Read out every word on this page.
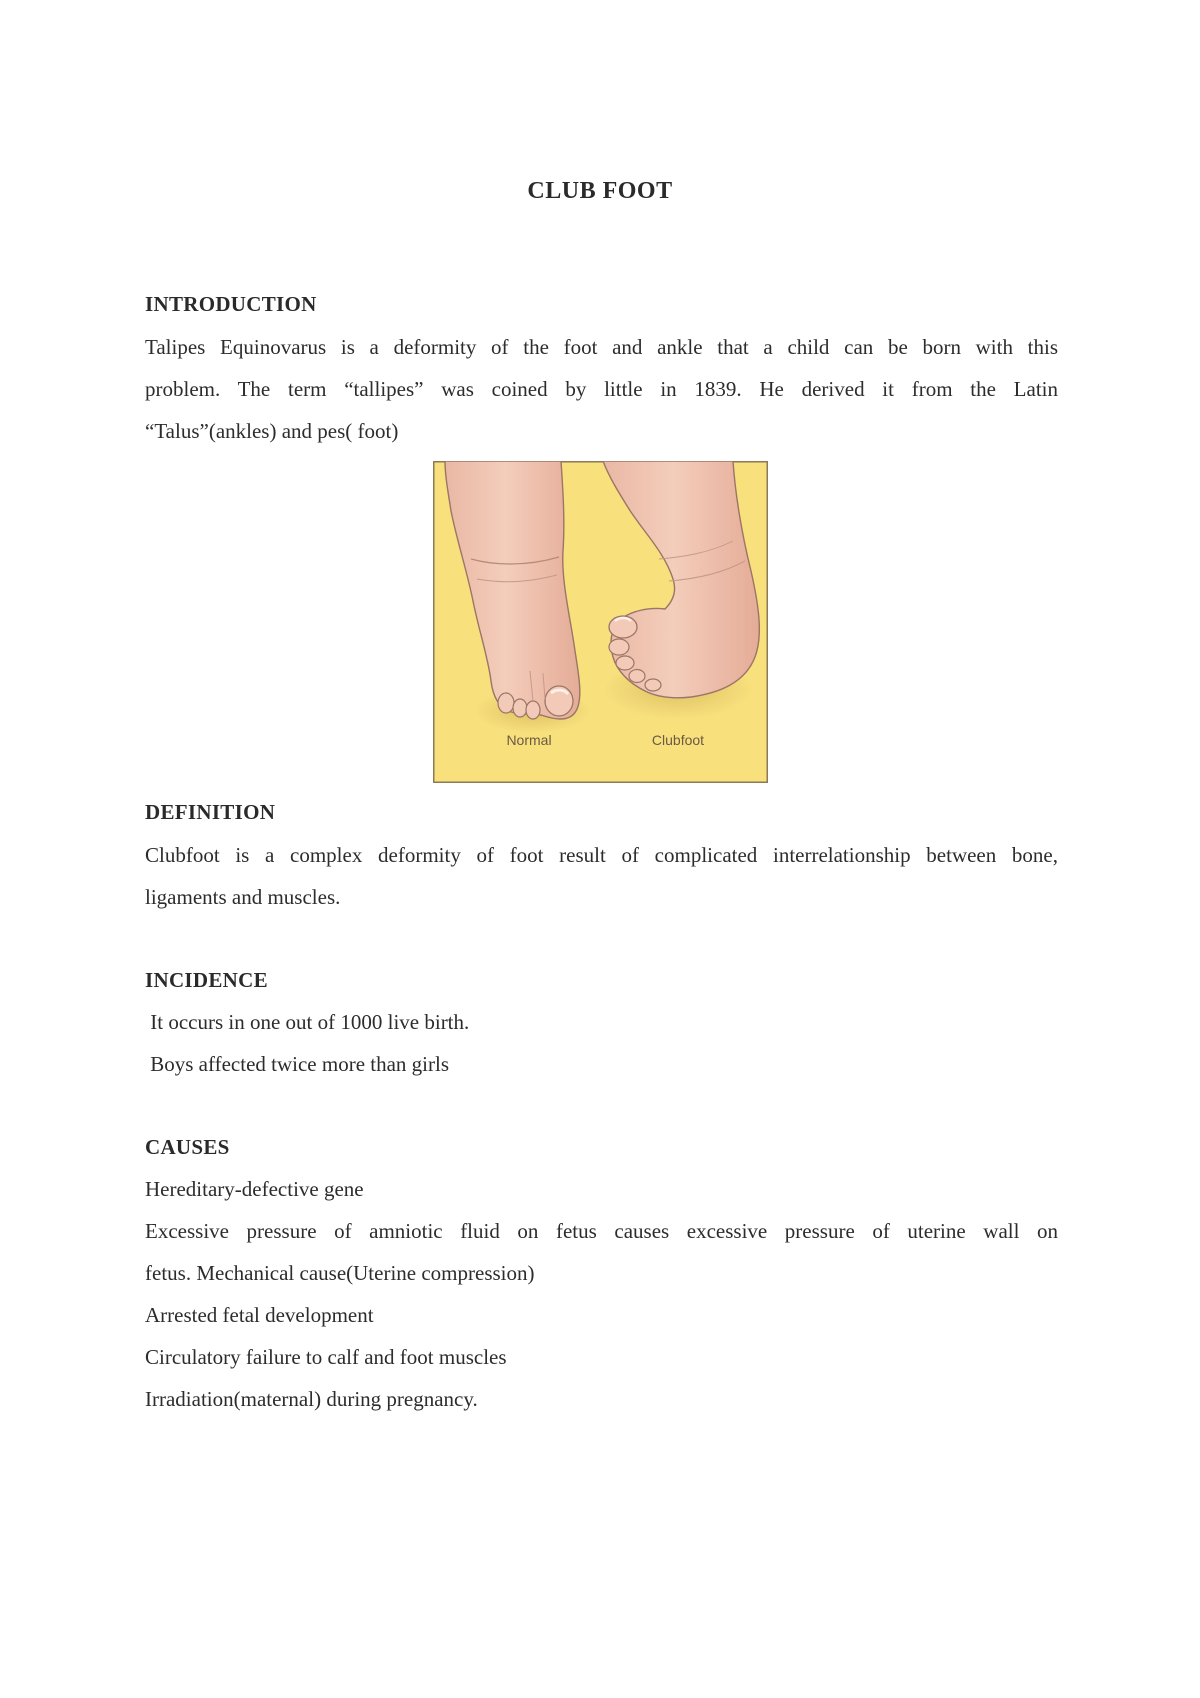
CLUB FOOT
INTRODUCTION
Talipes Equinovarus is a deformity of the foot and ankle that a child can be born with this
problem. The term “tallipes” was coined by little in 1839. He derived it from the Latin
“Talus”(ankles) and pes( foot)
Normal	Clubfoot
DEFINITION
Clubfoot is a complex deformity of foot result of complicated interrelationship between bone,
ligaments and muscles.
INCIDENCE
It occurs in one out of 1000 live birth.
Boys affected twice more than girls
CAUSES
Hereditary-defective gene
Excessive pressure of amniotic fluid on fetus causes excessive pressure of uterine wall on
fetus. Mechanical cause(Uterine compression)
Arrested fetal development
Circulatory failure to calf and foot muscles
Irradiation(maternal) during pregnancy.
